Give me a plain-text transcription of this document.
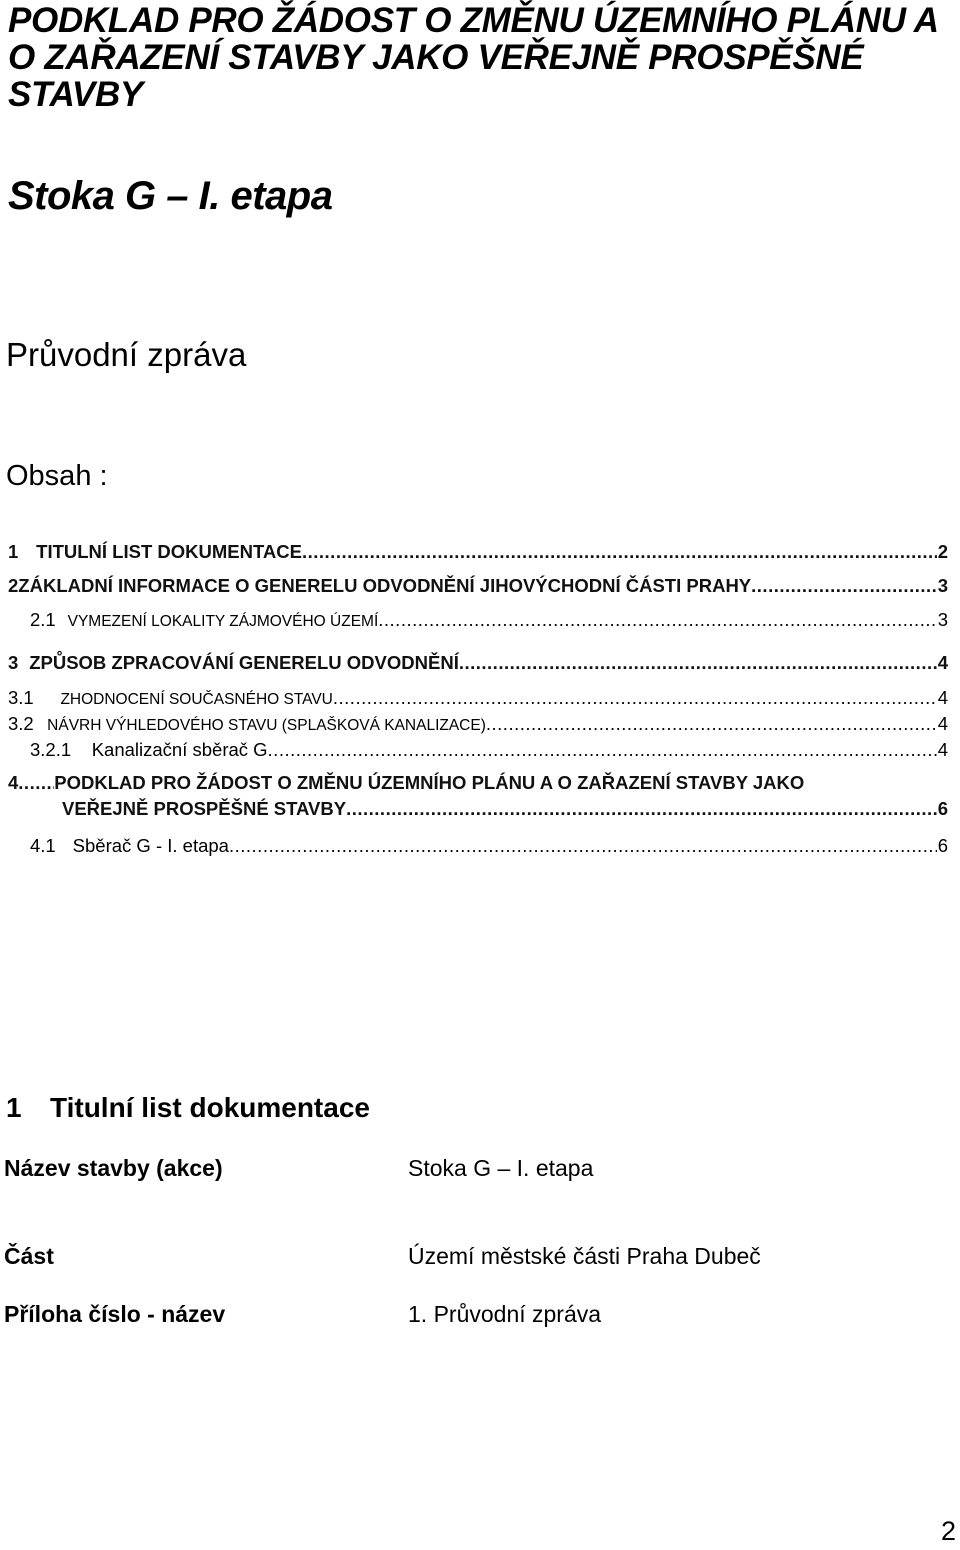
PODKLAD PRO ŽÁDOST O ZMĚNU ÚZEMNÍHO PLÁNU A O ZAŘAZENÍ STAVBY JAKO VEŘEJNĚ PROSPĚŠNÉ STAVBY
Stoka G – I. etapa
Průvodní zpráva
Obsah :
1 TITULNÍ LIST DOKUMENTACE .....	2
2 ZÁKLADNÍ INFORMACE O GENERELU ODVODNĚNÍ JIHOVÝCHODNÍ ČÁSTI PRAHY .....	3
2.1 VYMEZENÍ LOKALITY ZÁJMOVÉHO ÚZEMÍ .....	3
3 ZPŮSOB ZPRACOVÁNÍ GENERELU ODVODNĚNÍ .....	4
3.1	ZHODNOCENÍ SOUČASNÉHO STAVU .....	4
3.2 NÁVRH VÝHLEDOVÉHO STAVU (SPLAŠKOVÁ KANALIZACE) .....	4
3.2.1	Kanalizační sběrač G .....	4
4 ..... PODKLAD PRO ŽÁDOST O ZMĚNU ÚZEMNÍHO PLÁNU A O ZAŘAZENÍ STAVBY JAKO
VEŘEJNĚ PROSPĚŠNÉ STAVBY .....	6
4.1 Sběrač G - I. etapa .....	6
1 Titulní list dokumentace
Název stavby (akce)	Stoka G – I. etapa
Část	Území městské části Praha Dubeč
Příloha číslo - název	1. Průvodní zpráva
2
